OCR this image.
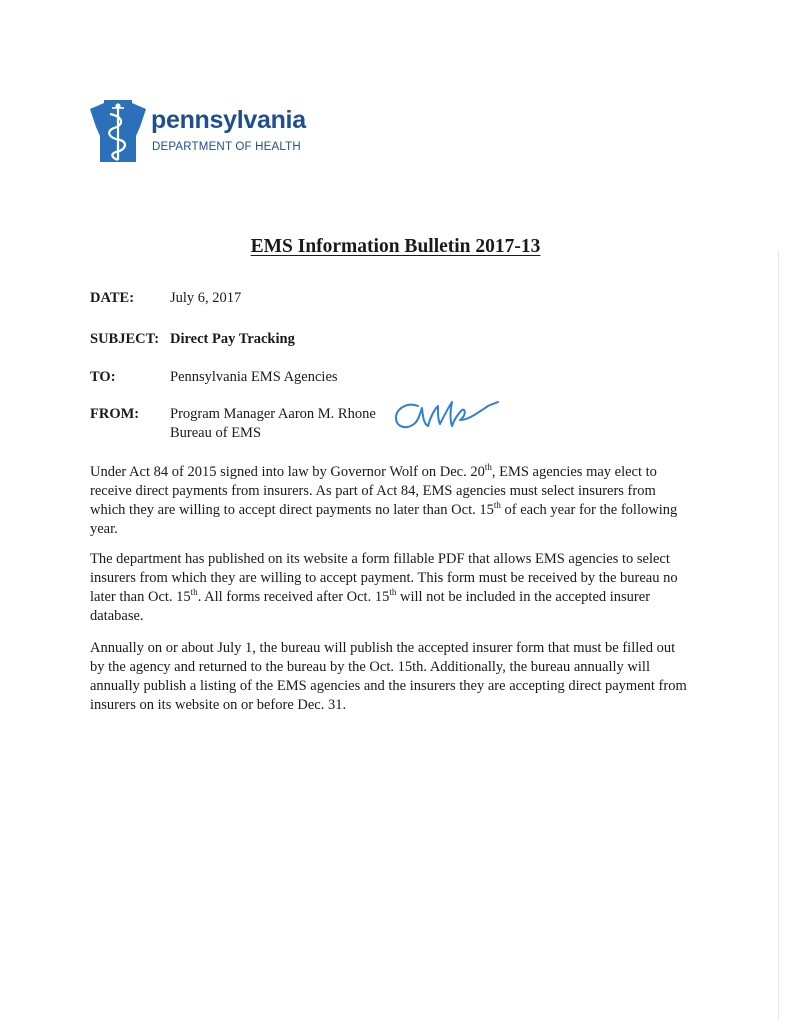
pennsylvania
DEPARTMENT OF HEALTH
EMS Information Bulletin 2017-13
DATE: July 6, 2017
SUBJECT: Direct Pay Tracking
TO:	Pennsylvania EMS Agencies
FROM: Program Manager Aaron M. Rhone
Bureau of EMS

Under Act 84 of 2015 signed into law by Governor Wolf on Dec. 20th, EMS agencies may elect to receive direct payments from insurers. As part of Act 84, EMS agencies must select insurers from which they are willing to accept direct payments no later than Oct. 15th of each year for the following year.

The department has published on its website a form fillable PDF that allows EMS agencies to select insurers from which they are willing to accept payment. This form must be received by the bureau no later than Oct. 15th. All forms received after Oct. 15th will not be included in the accepted insurer database.

Annually on or about July 1, the bureau will publish the accepted insurer form that must be filled out by the agency and returned to the bureau by the Oct. 15th. Additionally, the bureau annually will annually publish a listing of the EMS agencies and the insurers they are accepting direct payment from insurers on its website on or before Dec. 31.
